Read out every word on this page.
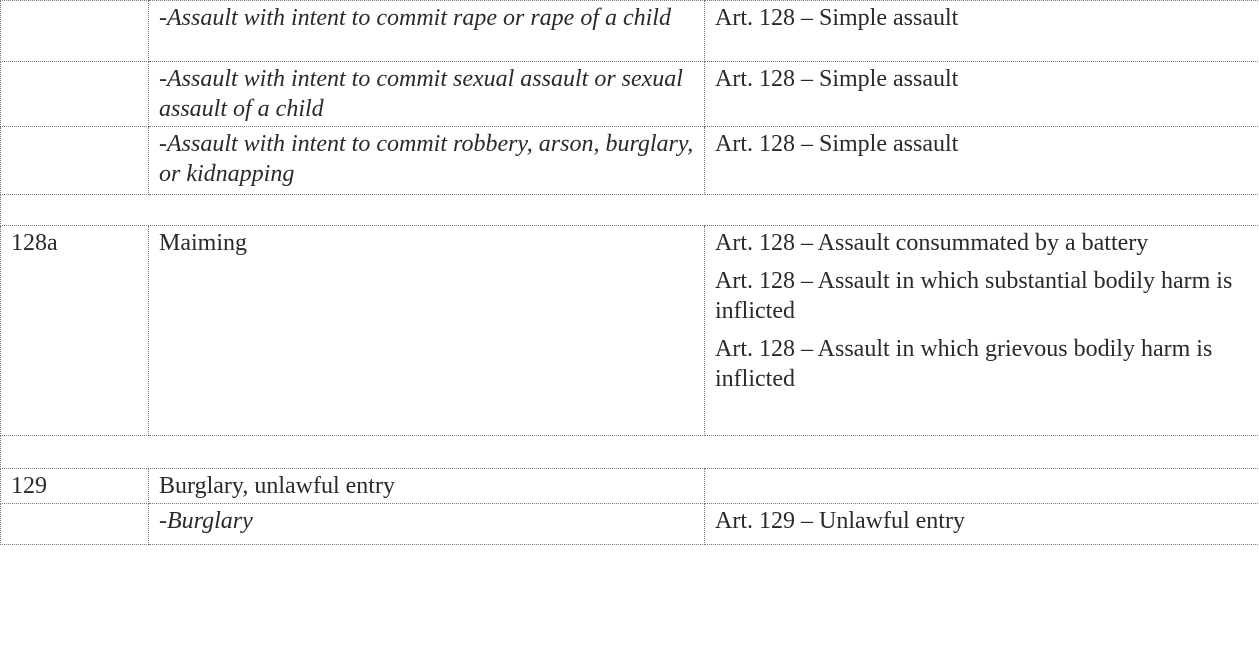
	-Assault with intent to commit rape or rape of a child	Art. 128 – Simple assault

	-Assault with intent to commit sexual assault or sexual assault of a child	Art. 128 – Simple assault

	-Assault with intent to commit robbery, arson, burglary, or kidnapping	Art. 128 – Simple assault

128a	Maiming	Art. 128 – Assault consummated by a battery
Art. 128 – Assault in which substantial bodily harm is inflicted
Art. 128 – Assault in which grievous bodily harm is inflicted

129	Burglary, unlawful entry	
	-Burglary	Art. 129 – Unlawful entry
